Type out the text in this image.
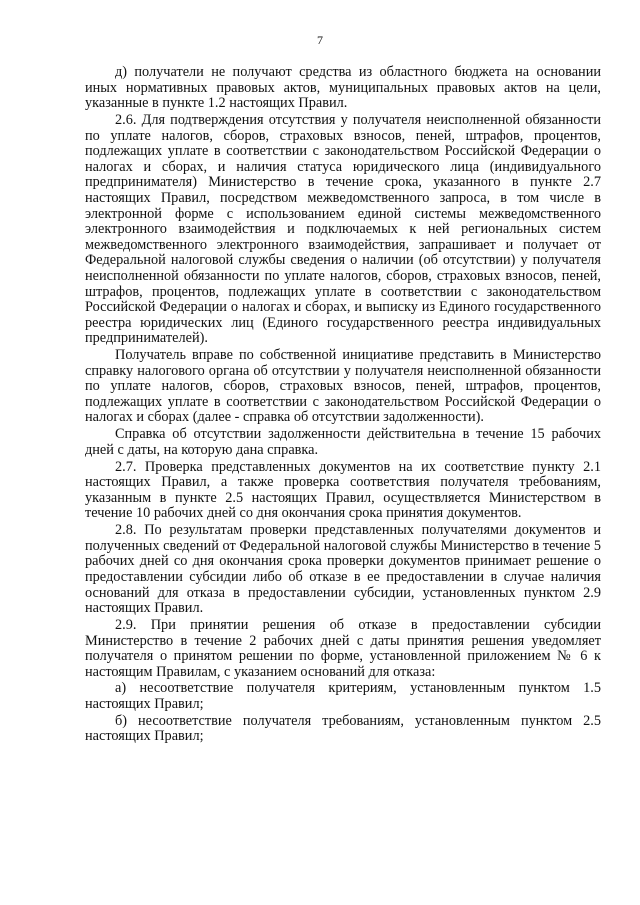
7

д) получатели не получают средства из областного бюджета на основании иных нормативных правовых актов, муниципальных правовых актов на цели, указанные в пункте 1.2 настоящих Правил.

2.6. Для подтверждения отсутствия у получателя неисполненной обязанности по уплате налогов, сборов, страховых взносов, пеней, штрафов, процентов, подлежащих уплате в соответствии с законодательством Российской Федерации о налогах и сборах, и наличия статуса юридического лица (индивидуального предпринимателя) Министерство в течение срока, указанного в пункте 2.7 настоящих Правил, посредством межведомственного запроса, в том числе в электронной форме с использованием единой системы межведомственного электронного взаимодействия и подключаемых к ней региональных систем межведомственного электронного взаимодействия, запрашивает и получает от Федеральной налоговой службы сведения о наличии (об отсутствии) у получателя неисполненной обязанности по уплате налогов, сборов, страховых взносов, пеней, штрафов, процентов, подлежащих уплате в соответствии с законодательством Российской Федерации о налогах и сборах, и выписку из Единого государственного реестра юридических лиц (Единого государственного реестра индивидуальных предпринимателей).

Получатель вправе по собственной инициативе представить в Министерство справку налогового органа об отсутствии у получателя неисполненной обязанности по уплате налогов, сборов, страховых взносов, пеней, штрафов, процентов, подлежащих уплате в соответствии с законодательством Российской Федерации о налогах и сборах (далее - справка об отсутствии задолженности).

Справка об отсутствии задолженности действительна в течение 15 рабочих дней с даты, на которую дана справка.

2.7. Проверка представленных документов на их соответствие пункту 2.1 настоящих Правил, а также проверка соответствия получателя требованиям, указанным в пункте 2.5 настоящих Правил, осуществляется Министерством в течение 10 рабочих дней со дня окончания срока принятия документов.

2.8. По результатам проверки представленных получателями документов и полученных сведений от Федеральной налоговой службы Министерство в течение 5 рабочих дней со дня окончания срока проверки документов принимает решение о предоставлении субсидии либо об отказе в ее предоставлении в случае наличия оснований для отказа в предоставлении субсидии, установленных пунктом 2.9 настоящих Правил.

2.9. При принятии решения об отказе в предоставлении субсидии Министерство в течение 2 рабочих дней с даты принятия решения уведомляет получателя о принятом решении по форме, установленной приложением № 6 к настоящим Правилам, с указанием оснований для отказа:

а) несоответствие получателя критериям, установленным пунктом 1.5 настоящих Правил;

б) несоответствие получателя требованиям, установленным пунктом 2.5 настоящих Правил;
